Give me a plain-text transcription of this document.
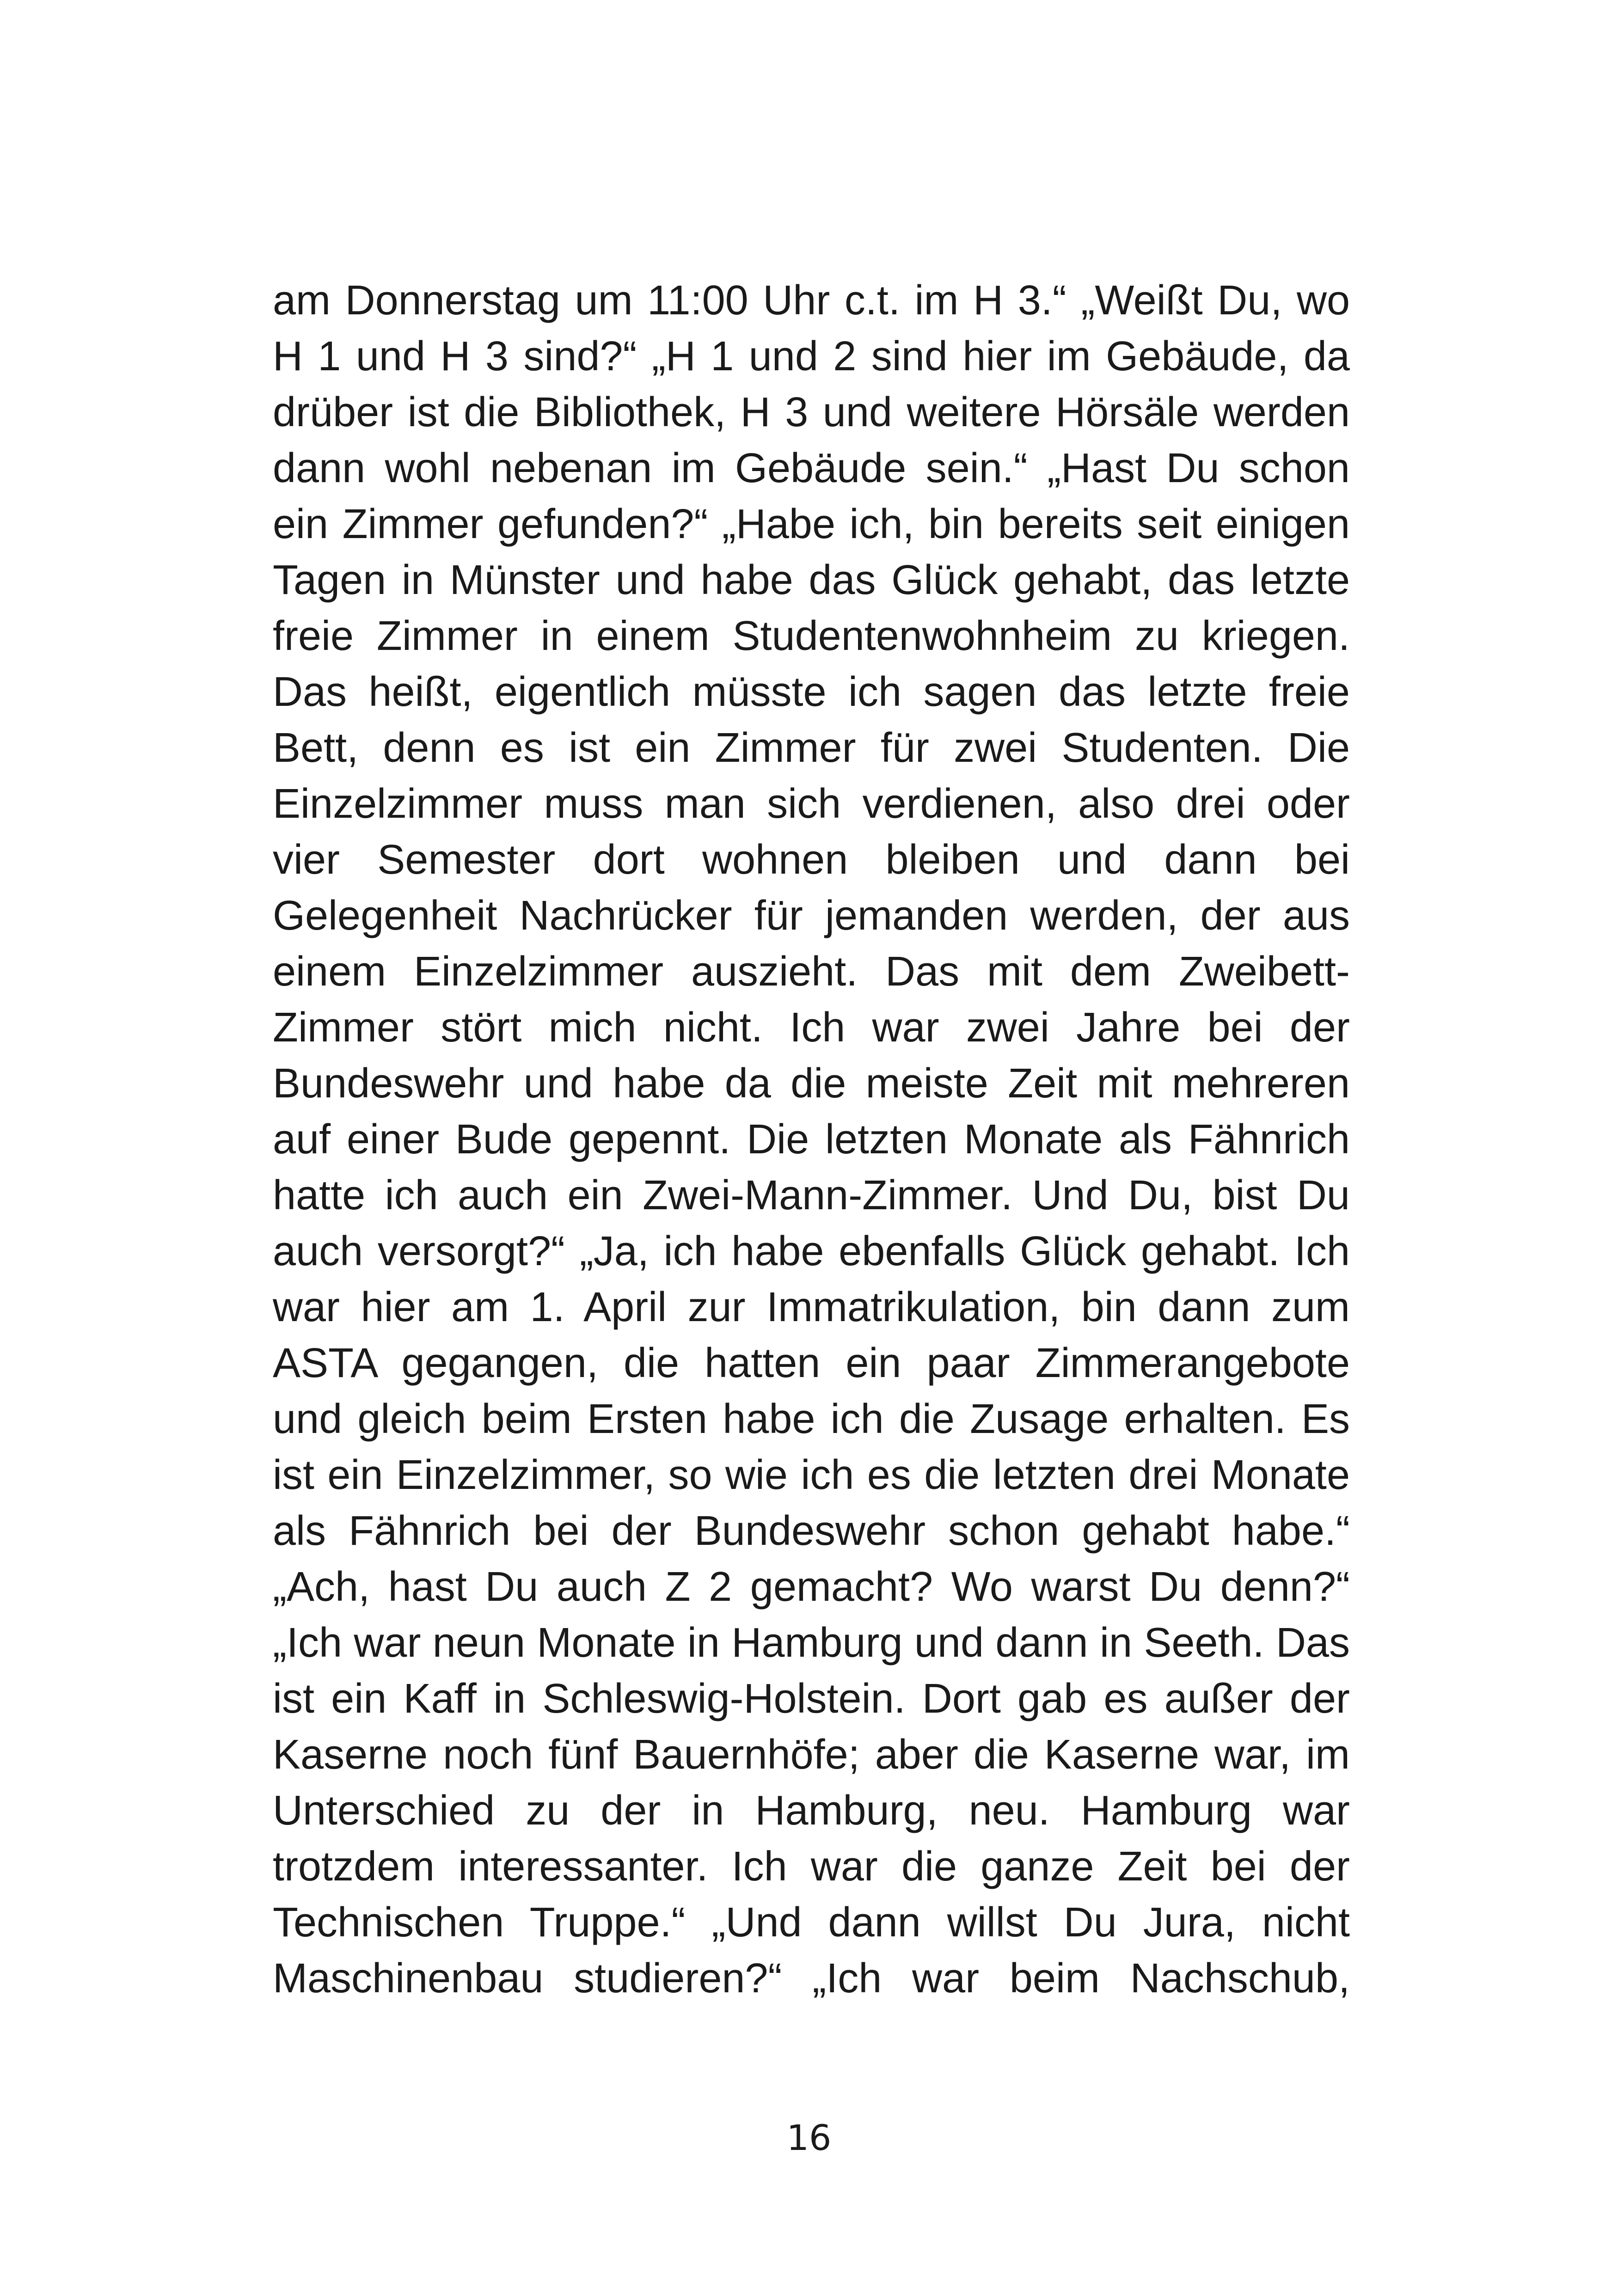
am Donnerstag um 11:00 Uhr c.t. im H 3.“ „Weißt Du, wo
H 1 und H 3 sind?“ „H 1 und 2 sind hier im Gebäude, da
drüber ist die Bibliothek, H 3 und weitere Hörsäle werden
dann wohl nebenan im Gebäude sein.“ „Hast Du schon
ein Zimmer gefunden?“ „Habe ich, bin bereits seit einigen
Tagen in Münster und habe das Glück gehabt, das letzte
freie Zimmer in einem Studentenwohnheim zu kriegen.
Das heißt, eigentlich müsste ich sagen das letzte freie
Bett, denn es ist ein Zimmer für zwei Studenten. Die
Einzelzimmer muss man sich verdienen, also drei oder
vier Semester dort wohnen bleiben und dann bei
Gelegenheit Nachrücker für jemanden werden, der aus
einem Einzelzimmer auszieht. Das mit dem Zweibett-
Zimmer stört mich nicht. Ich war zwei Jahre bei der
Bundeswehr und habe da die meiste Zeit mit mehreren
auf einer Bude gepennt. Die letzten Monate als Fähnrich
hatte ich auch ein Zwei-Mann-Zimmer. Und Du, bist Du
auch versorgt?“ „Ja, ich habe ebenfalls Glück gehabt. Ich
war hier am 1. April zur Immatrikulation, bin dann zum
ASTA gegangen, die hatten ein paar Zimmerangebote
und gleich beim Ersten habe ich die Zusage erhalten. Es
ist ein Einzelzimmer, so wie ich es die letzten drei Monate
als Fähnrich bei der Bundeswehr schon gehabt habe.“
„Ach, hast Du auch Z 2 gemacht? Wo warst Du denn?“
„Ich war neun Monate in Hamburg und dann in Seeth. Das
ist ein Kaff in Schleswig-Holstein. Dort gab es außer der
Kaserne noch fünf Bauernhöfe; aber die Kaserne war, im
Unterschied zu der in Hamburg, neu. Hamburg war
trotzdem interessanter. Ich war die ganze Zeit bei der
Technischen Truppe.“ „Und dann willst Du Jura, nicht
Maschinenbau studieren?“ „Ich war beim Nachschub,
16
